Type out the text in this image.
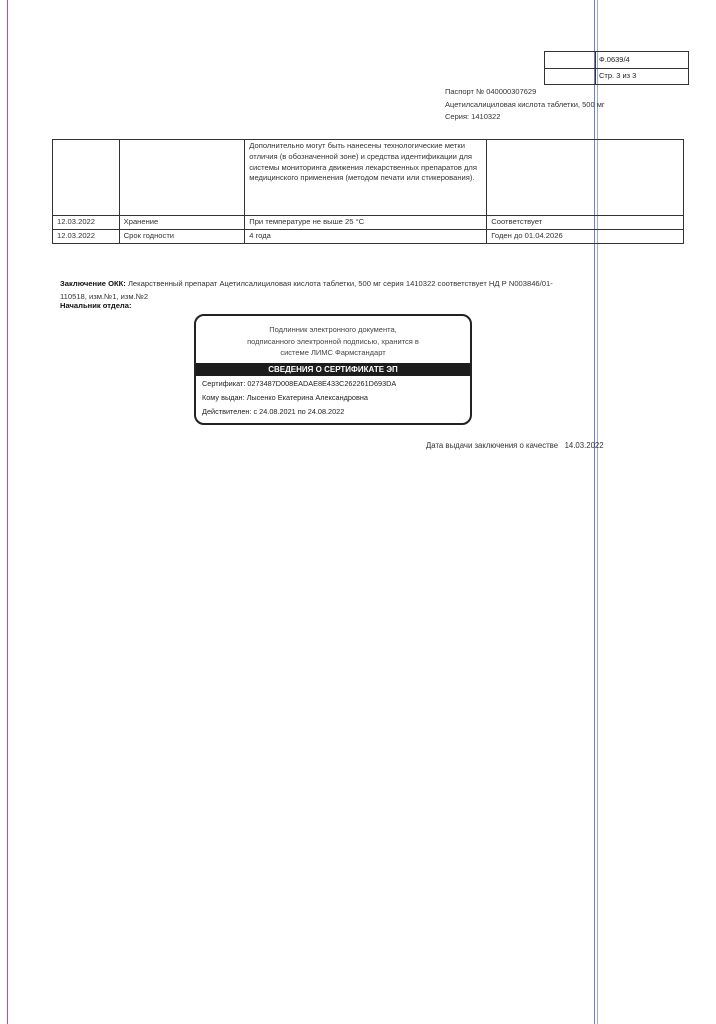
Ф.0639/4
Стр. 3 из 3
Паспорт № 040000307629
Ацетилсалициловая кислота таблетки, 500 мг
Серия: 1410322
		Дополнительно могут быть нанесены технологические метки отличия (в обозначенной зоне) и средства идентификации для системы мониторинга движения лекарственных препаратов для медицинского применения (методом печати или стикерования).	
12.03.2022	Хранение	При температуре не выше 25 °С	Соответствует
12.03.2022	Срок годности	4 года	Годен до 01.04.2026
Заключение ОКК: Лекарственный препарат Ацетилсалициловая кислота таблетки, 500 мг серия 1410322 соответствует НД Р N003846/01-110518, изм.№1, изм.№2
Начальник отдела:
Подлинник электронного документа,
подписанного электронной подписью, хранится в
системе ЛИМС Фармстандарт
СВЕДЕНИЯ О СЕРТИФИКАТЕ ЭП
Сертификат: 0273487D008EADAE8E433C262261D693DA
Кому выдан: Лысенко Екатерина Александровна
Действителен: с 24.08.2021 по 24.08.2022
Дата выдачи заключения о качестве   14.03.2022
